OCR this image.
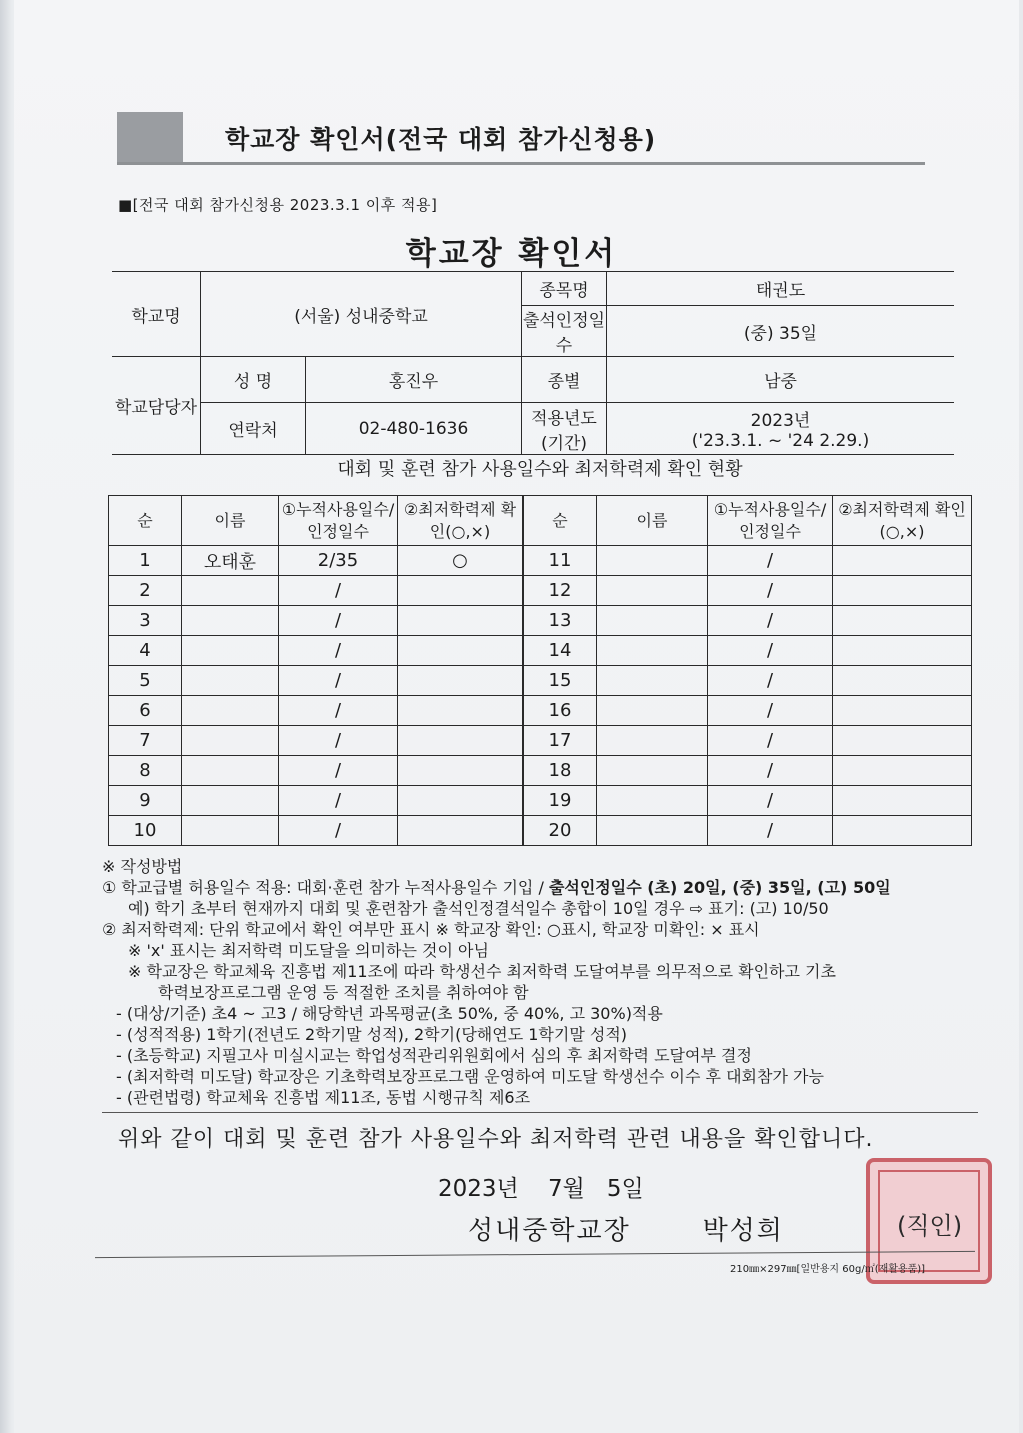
학교장 확인서(전국 대회 참가신청용)
■[전국 대회 참가신청용 2023.3.1 이후 적용]
학교장 확인서
학교명	(서울) 성내중학교		종목명	태권도
			출석인정일수	(중) 35일
학교담당자	성 명	홍진우	종별	남중
	연락처	02-480-1636	적용년도(기간)	2023년
('23.3.1. ~ '24 2.29.)
대회 및 훈련 참가 사용일수와 최저학력제 확인 현황
순	이름	①누적사용일수/인정일수	②최저학력제 확인(○,×)	순	이름	①누적사용일수/인정일수	②최저학력제 확인(○,×)
1	오태훈	2/35	○	11		/	
2		/		12		/	
3		/		13		/	
4		/		14		/	
5		/		15		/	
6		/		16		/	
7		/		17		/	
8		/		18		/	
9		/		19		/	
10		/		20		/	
※ 작성방법
① 학교급별 허용일수 적용: 대회·훈련 참가 누적사용일수 기입 / 출석인정일수 (초) 20일, (중) 35일, (고) 50일
예) 학기 초부터 현재까지 대회 및 훈련참가 출석인정결석일수 총합이 10일 경우 ⇨ 표기: (고) 10/50
② 최저학력제: 단위 학교에서 확인 여부만 표시 ※ 학교장 확인: ○표시, 학교장 미확인: × 표시
※ 'x' 표시는 최저학력 미도달을 의미하는 것이 아님
※ 학교장은 학교체육 진흥법 제11조에 따라 학생선수 최저학력 도달여부를 의무적으로 확인하고 기초
학력보장프로그램 운영 등 적절한 조치를 취하여야 함
- (대상/기준) 초4 ~ 고3 / 해당학년 과목평균(초 50%, 중 40%, 고 30%)적용
- (성적적용) 1학기(전년도 2학기말 성적), 2학기(당해연도 1학기말 성적)
- (초등학교) 지필고사 미실시교는 학업성적관리위원회에서 심의 후 최저학력 도달여부 결정
- (최저학력 미도달) 학교장은 기초학력보장프로그램 운영하여 미도달 학생선수 이수 후 대회참가 가능
- (관련법령) 학교체육 진흥법 제11조, 동법 시행규칙 제6조
위와 같이 대회 및 훈련 참가 사용일수와 최저학력 관련 내용을 확인합니다.
2023년 7월 5일
성내중학교장	박성희	(직인)
210㎜×297㎜[일반용지 60g/㎡(재활용품)]
